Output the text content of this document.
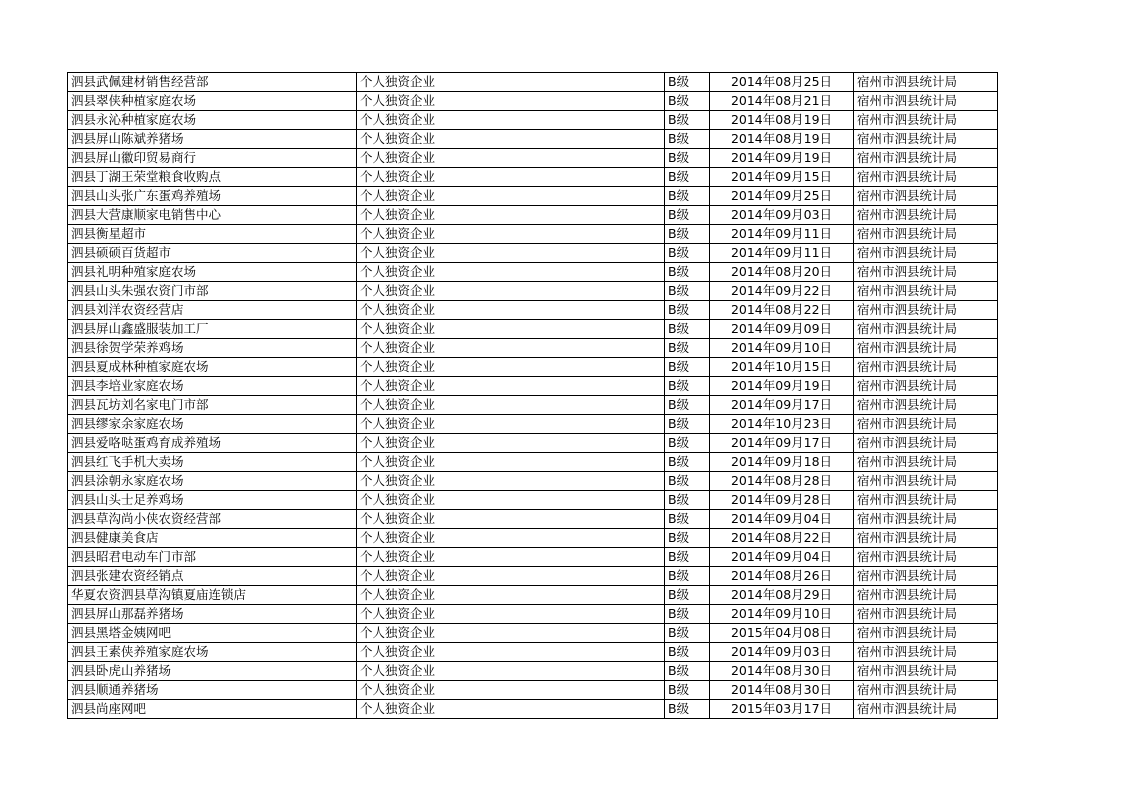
泗县武佩建材销售经营部	个人独资企业	B级	2014年08月25日	宿州市泗县统计局
泗县翠侠种植家庭农场	个人独资企业	B级	2014年08月21日	宿州市泗县统计局
泗县永沁种植家庭农场	个人独资企业	B级	2014年08月19日	宿州市泗县统计局
泗县屏山陈斌养猪场	个人独资企业	B级	2014年08月19日	宿州市泗县统计局
泗县屏山徽印贸易商行	个人独资企业	B级	2014年09月19日	宿州市泗县统计局
泗县丁湖王荣堂粮食收购点	个人独资企业	B级	2014年09月15日	宿州市泗县统计局
泗县山头张广东蛋鸡养殖场	个人独资企业	B级	2014年09月25日	宿州市泗县统计局
泗县大营康顺家电销售中心	个人独资企业	B级	2014年09月03日	宿州市泗县统计局
泗县衡星超市	个人独资企业	B级	2014年09月11日	宿州市泗县统计局
泗县硕硕百货超市	个人独资企业	B级	2014年09月11日	宿州市泗县统计局
泗县礼明种殖家庭农场	个人独资企业	B级	2014年08月20日	宿州市泗县统计局
泗县山头朱强农资门市部	个人独资企业	B级	2014年09月22日	宿州市泗县统计局
泗县刘洋农资经营店	个人独资企业	B级	2014年08月22日	宿州市泗县统计局
泗县屏山鑫盛服装加工厂	个人独资企业	B级	2014年09月09日	宿州市泗县统计局
泗县徐贺学荣养鸡场	个人独资企业	B级	2014年09月10日	宿州市泗县统计局
泗县夏成林种植家庭农场	个人独资企业	B级	2014年10月15日	宿州市泗县统计局
泗县李培业家庭农场	个人独资企业	B级	2014年09月19日	宿州市泗县统计局
泗县瓦坊刘名家电门市部	个人独资企业	B级	2014年09月17日	宿州市泗县统计局
泗县缪家余家庭农场	个人独资企业	B级	2014年10月23日	宿州市泗县统计局
泗县爱咯哒蛋鸡育成养殖场	个人独资企业	B级	2014年09月17日	宿州市泗县统计局
泗县红飞手机大卖场	个人独资企业	B级	2014年09月18日	宿州市泗县统计局
泗县涂朝永家庭农场	个人独资企业	B级	2014年08月28日	宿州市泗县统计局
泗县山头士足养鸡场	个人独资企业	B级	2014年09月28日	宿州市泗县统计局
泗县草沟尚小侠农资经营部	个人独资企业	B级	2014年09月04日	宿州市泗县统计局
泗县健康美食店	个人独资企业	B级	2014年08月22日	宿州市泗县统计局
泗县昭君电动车门市部	个人独资企业	B级	2014年09月04日	宿州市泗县统计局
泗县张建农资经销点	个人独资企业	B级	2014年08月26日	宿州市泗县统计局
华夏农资泗县草沟镇夏庙连锁店	个人独资企业	B级	2014年08月29日	宿州市泗县统计局
泗县屏山那磊养猪场	个人独资企业	B级	2014年09月10日	宿州市泗县统计局
泗县黑塔金姨网吧	个人独资企业	B级	2015年04月08日	宿州市泗县统计局
泗县王素侠养殖家庭农场	个人独资企业	B级	2014年09月03日	宿州市泗县统计局
泗县卧虎山养猪场	个人独资企业	B级	2014年08月30日	宿州市泗县统计局
泗县顺通养猪场	个人独资企业	B级	2014年08月30日	宿州市泗县统计局
泗县尚座网吧	个人独资企业	B级	2015年03月17日	宿州市泗县统计局
